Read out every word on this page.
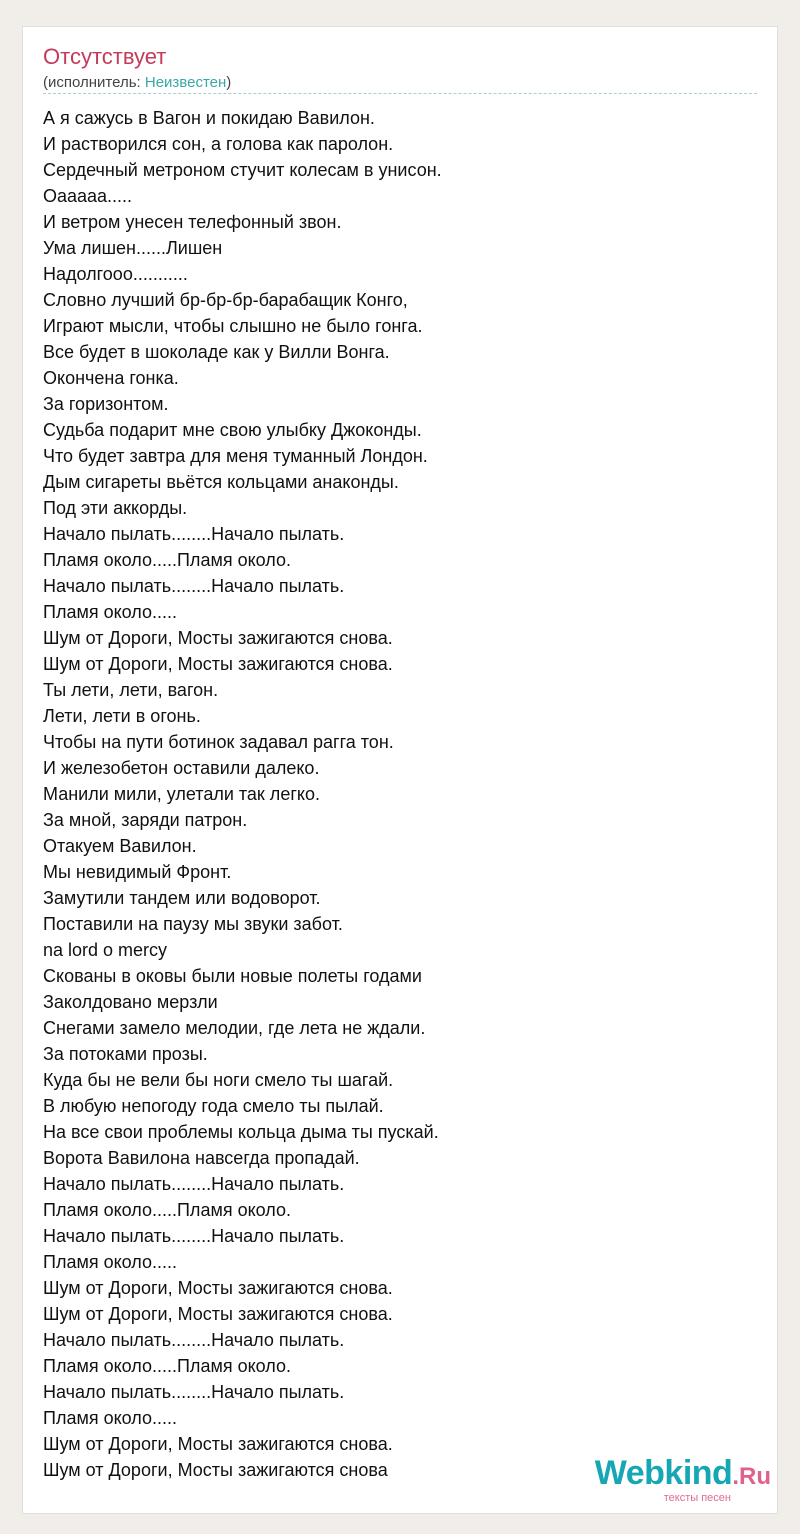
Отсутствует
(исполнитель: Неизвестен)
А я сажусь в Вагон и покидаю Вавилон.
И растворился сон, а голова как паролон.
Сердечный метроном стучит колесам в унисон.
Оааааа.....
И ветром унесен телефонный звон.
Ума лишен......Лишен
Надолгооо...........
Словно лучший бр-бр-бр-барабащик Конго,
Играют мысли, чтобы слышно не было гонга.
Все будет в шоколаде как у Вилли Вонга.
Окончена гонка.
За горизонтом.
Судьба подарит мне свою улыбку Джоконды.
Что будет завтра для меня туманный Лондон.
Дым сигареты вьётся кольцами анаконды.
Под эти аккорды.
Начало пылать........Начало пылать.
Пламя около.....Пламя около.
Начало пылать........Начало пылать.
Пламя около.....
Шум от Дороги, Мосты зажигаются снова.
Шум от Дороги, Мосты зажигаются снова.
Ты лети, лети, вагон.
Лети, лети в огонь.
Чтобы на пути ботинок задавал рагга тон.
И железобетон оставили далеко.
Манили мили, улетали так легко.
За мной, заряди патрон.
Отакуем Вавилон.
Мы невидимый Фронт.
Замутили тандем или водоворот.
Поставили на паузу мы звуки забот.
na lord o mercy
Скованы в оковы были новые полеты годами
Заколдовано мерзли
Снегами замело мелодии, где лета не ждали.
За потоками прозы.
Куда бы не вели бы ноги смело ты шагай.
В любую непогоду года смело ты пылай.
На все свои проблемы кольца дыма ты пускай.
Ворота Вавилона навсегда пропадай.
Начало пылать........Начало пылать.
Пламя около.....Пламя около.
Начало пылать........Начало пылать.
Пламя около.....
Шум от Дороги, Мосты зажигаются снова.
Шум от Дороги, Мосты зажигаются снова.
Начало пылать........Начало пылать.
Пламя около.....Пламя около.
Начало пылать........Начало пылать.
Пламя около.....
Шум от Дороги, Мосты зажигаются снова.
Шум от Дороги, Мосты зажигаются снова	Webkind.Ru
тексты песен
